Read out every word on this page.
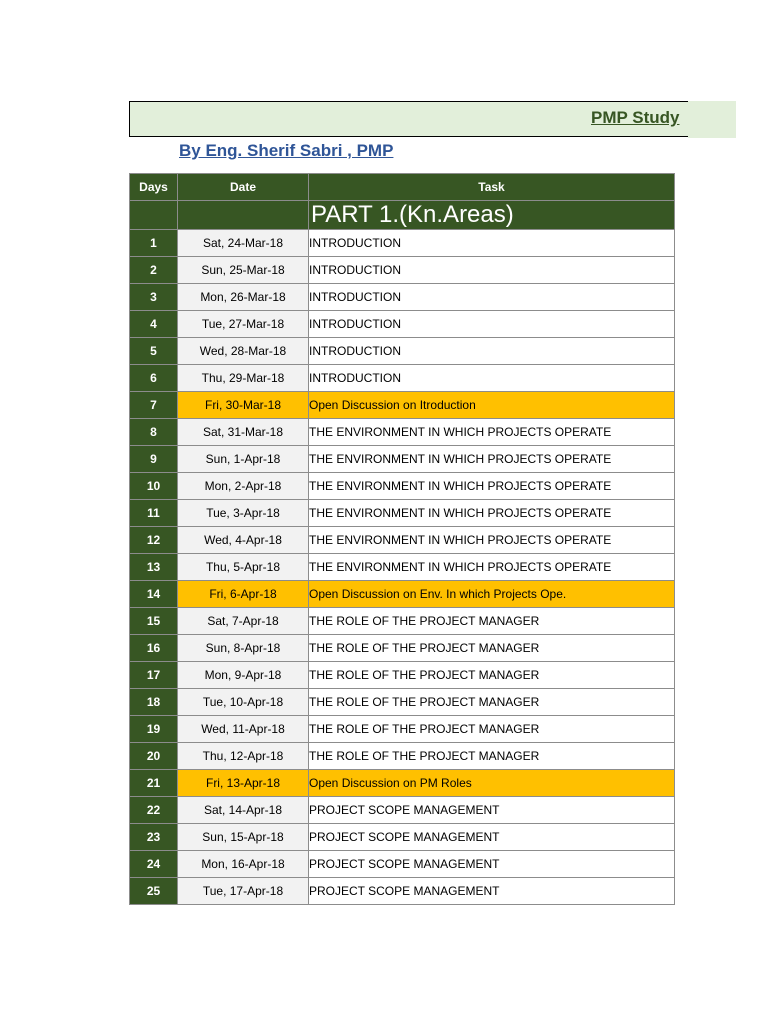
PMP Study
By Eng. Sherif Sabri , PMP
Days	Date	Task
		PART 1.(Kn.Areas)
1	Sat, 24-Mar-18	INTRODUCTION
2	Sun, 25-Mar-18	INTRODUCTION
3	Mon, 26-Mar-18	INTRODUCTION
4	Tue, 27-Mar-18	INTRODUCTION
5	Wed, 28-Mar-18	INTRODUCTION
6	Thu, 29-Mar-18	INTRODUCTION
7	Fri, 30-Mar-18	Open Discussion on Itroduction
8	Sat, 31-Mar-18	THE ENVIRONMENT IN WHICH PROJECTS OPERATE
9	Sun, 1-Apr-18	THE ENVIRONMENT IN WHICH PROJECTS OPERATE
10	Mon, 2-Apr-18	THE ENVIRONMENT IN WHICH PROJECTS OPERATE
11	Tue, 3-Apr-18	THE ENVIRONMENT IN WHICH PROJECTS OPERATE
12	Wed, 4-Apr-18	THE ENVIRONMENT IN WHICH PROJECTS OPERATE
13	Thu, 5-Apr-18	THE ENVIRONMENT IN WHICH PROJECTS OPERATE
14	Fri, 6-Apr-18	Open Discussion on Env. In which Projects Ope.
15	Sat, 7-Apr-18	THE ROLE OF THE PROJECT MANAGER
16	Sun, 8-Apr-18	THE ROLE OF THE PROJECT MANAGER
17	Mon, 9-Apr-18	THE ROLE OF THE PROJECT MANAGER
18	Tue, 10-Apr-18	THE ROLE OF THE PROJECT MANAGER
19	Wed, 11-Apr-18	THE ROLE OF THE PROJECT MANAGER
20	Thu, 12-Apr-18	THE ROLE OF THE PROJECT MANAGER
21	Fri, 13-Apr-18	Open Discussion on PM Roles
22	Sat, 14-Apr-18	PROJECT SCOPE MANAGEMENT
23	Sun, 15-Apr-18	PROJECT SCOPE MANAGEMENT
24	Mon, 16-Apr-18	PROJECT SCOPE MANAGEMENT
25	Tue, 17-Apr-18	PROJECT SCOPE MANAGEMENT
